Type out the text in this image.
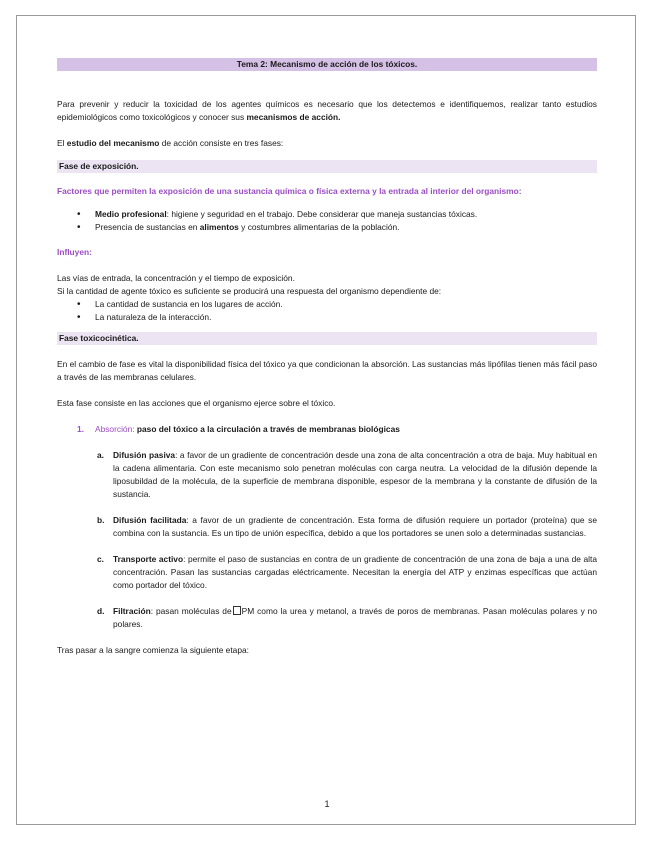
Tema 2: Mecanismo de acción de los tóxicos.

Para prevenir y reducir la toxicidad de los agentes químicos es necesario que los detectemos e identifiquemos, realizar tanto estudios epidemiológicos como toxicológicos y conocer sus mecanismos de acción.

El estudio del mecanismo de acción consiste en tres fases:

Fase de exposición.

Factores que permiten la exposición de una sustancia química o física externa y la entrada al interior del organismo:

• Medio profesional: higiene y seguridad en el trabajo. Debe considerar que maneja sustancias tóxicas.
• Presencia de sustancias en alimentos y costumbres alimentarias de la población.

Influyen:

Las vías de entrada, la concentración y el tiempo de exposición.

Si la cantidad de agente tóxico es suficiente se producirá una respuesta del organismo dependiente de:

• La cantidad de sustancia en los lugares de acción.
• La naturaleza de la interacción.
Fase toxicocinética.

En el cambio de fase es vital la disponibilidad física del tóxico ya que condicionan la absorción. Las sustancias más lipófilas tienen más fácil paso a través de las membranas celulares.

Esta fase consiste en las acciones que el organismo ejerce sobre el tóxico.

1. Absorción: paso del tóxico a la circulación a través de membranas biológicas
a. Difusión pasiva: a favor de un gradiente de concentración desde una zona de alta concentración a otra de baja. Muy habitual en la cadena alimentaria. Con este mecanismo solo penetran moléculas con carga neutra. La velocidad de la difusión depende la liposubildad de la molécula, de la superficie de membrana disponible, espesor de la membrana y la constante de difusión de la sustancia.
b. Difusión facilitada: a favor de un gradiente de concentración. Esta forma de difusión requiere un portador (proteína) que se combina con la sustancia. Es un tipo de unión específica, debido a que los portadores se unen solo a determinadas sustancias.
c. Transporte activo: permite el paso de sustancias en contra de un gradiente de concentración de una zona de baja a una de alta concentración. Pasan las sustancias cargadas eléctricamente. Necesitan la energía del ATP y enzimas específicas que actúan como portador del tóxico.
d. Filtración: pasan moléculas de PM como la urea y metanol, a través de poros de membranas. Pasan moléculas polares y no polares.

Tras pasar a la sangre comienza la siguiente etapa:

1
